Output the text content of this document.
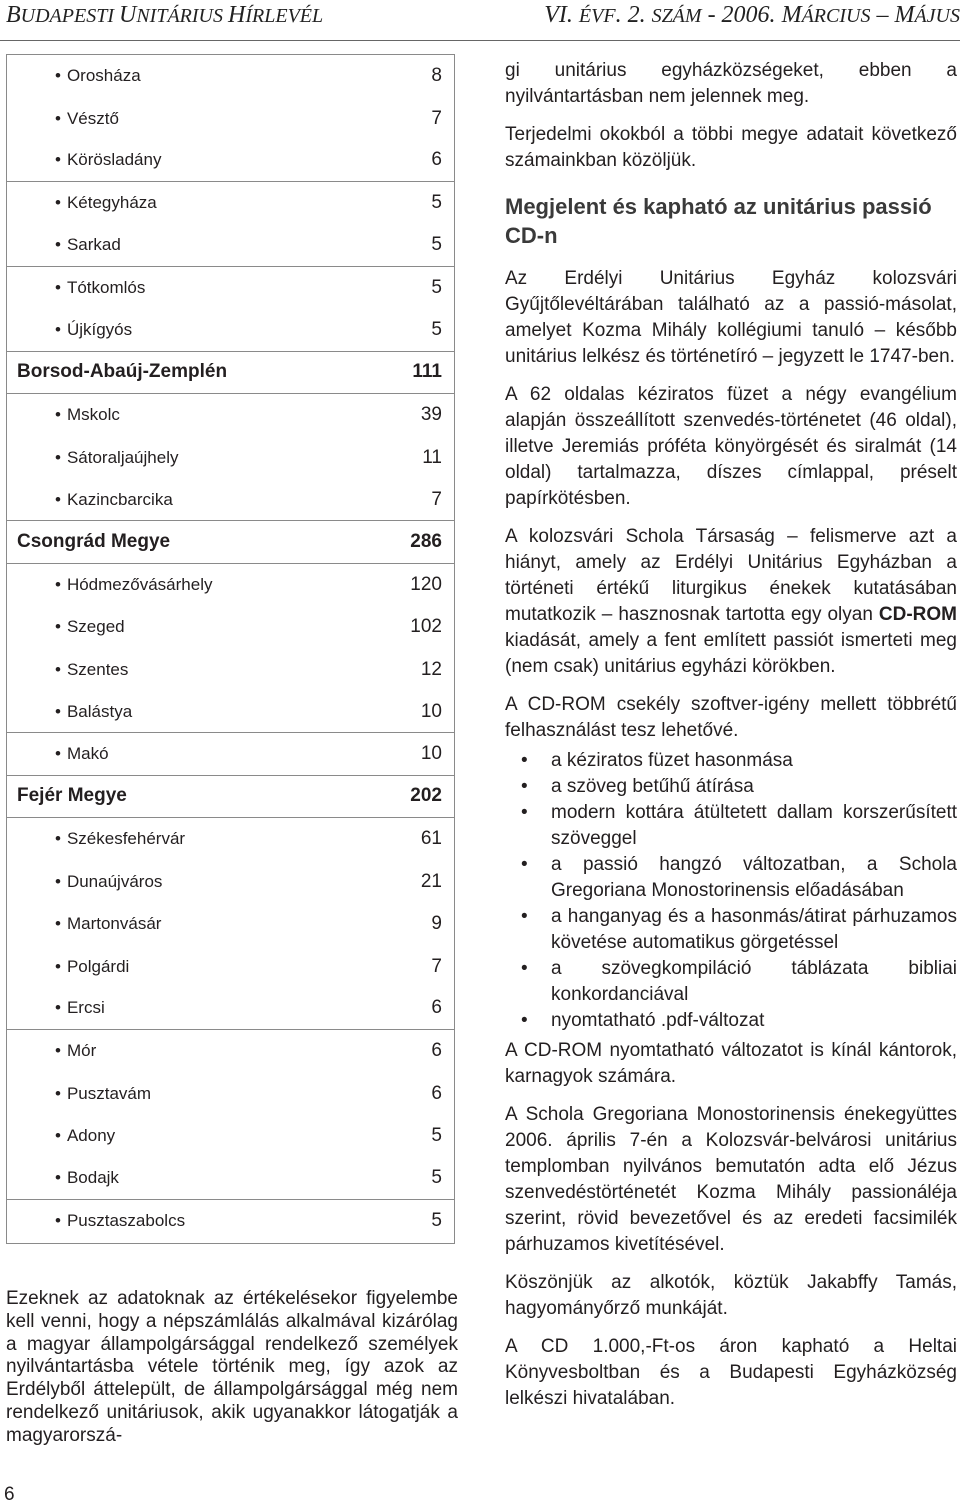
BUDAPESTI UNITÁRIUS HÍRLEVÉL	VI. ÉVF. 2. SZÁM - 2006. MÁRCIUS – MÁJUS
• Orosháza	8
• Vésztő	7
• Körösladány	6
• Kétegyháza	5
• Sarkad	5
• Tótkomlós	5
• Újkígyós	5
Borsod-Abaúj-Zemplén	111
• Mskolc	39
• Sátoraljaújhely	11
• Kazincbarcika	7
Csongrád Megye	286
• Hódmezővásárhely	120
• Szeged	102
• Szentes	12
• Balástya	10
• Makó	10
Fejér Megye	202
• Székesfehérvár	61
• Dunaújváros	21
• Martonvásár	9
• Polgárdi	7
• Ercsi	6
• Mór	6
• Pusztavám	6
• Adony	5
• Bodajk	5
• Pusztaszabolcs	5
Ezeknek az adatoknak az értékelésekor figyelembe kell venni, hogy a népszámlálás alkalmával kizárólag a magyar állampolgársággal rendelkező személyek nyilvántartásba vétele történik meg, így azok az Erdélyből áttelepült, de állampolgársággal még nem rendelkező unitáriusok, akik ugyanakkor látogatják a magyarorszá-
6

gi unitárius egyházközségeket, ebben a nyilvántartásban nem jelennek meg.

Terjedelmi okokból a többi megye adatait következő számainkban közöljük.

Megjelent és kapható az unitárius passió CD-n

Az Erdélyi Unitárius Egyház kolozsvári Gyűjtőlevéltárában található az a passió-másolat, amelyet Kozma Mihály kollégiumi tanuló – később unitárius lelkész és történetíró – jegyzett le 1747-ben.

A 62 oldalas kéziratos füzet a négy evangélium alapján összeállított szenvedés-történetet (46 oldal), illetve Jeremiás próféta könyörgését és siralmát (14 oldal) tartalmazza, díszes címlappal, préselt papírkötésben.

A kolozsvári Schola Társaság – felismerve azt a hiányt, amely az Erdélyi Unitárius Egyházban a történeti értékű liturgikus énekek kutatásában mutatkozik – hasznosnak tartotta egy olyan CD-ROM kiadását, amely a fent említett passiót ismerteti meg (nem csak) unitárius egyházi körökben.

A CD-ROM csekély szoftver-igény mellett többrétű felhasználást tesz lehetővé.

• a kéziratos füzet hasonmása
• a szöveg betűhű átírása
• modern kottára átültetett dallam korszerűsített szöveggel
• a passió hangzó változatban, a Schola Gregoriana Monostorinensis előadásában
• a hanganyag és a hasonmás/átirat párhuzamos követése automatikus görgetéssel
• a szövegkompiláció táblázata bibliai konkordanciával
• nyomtatható .pdf-változat

A CD-ROM nyomtatható változatot is kínál kántorok, karnagyok számára.

A Schola Gregoriana Monostorinensis énekegyüttes 2006. április 7-én a Kolozsvár-belvárosi unitárius templomban nyilvános bemutatón adta elő Jézus szenvedéstörténetét Kozma Mihály passionáléja szerint, rövid bevezetővel és az eredeti facsimilék párhuzamos kivetítésével.

Köszönjük az alkotók, köztük Jakabffy Tamás, hagyományőrző munkáját.

A CD 1.000,-Ft-os áron kapható a Heltai Könyvesboltban és a Budapesti Egyházközség lelkészi hivatalában.
